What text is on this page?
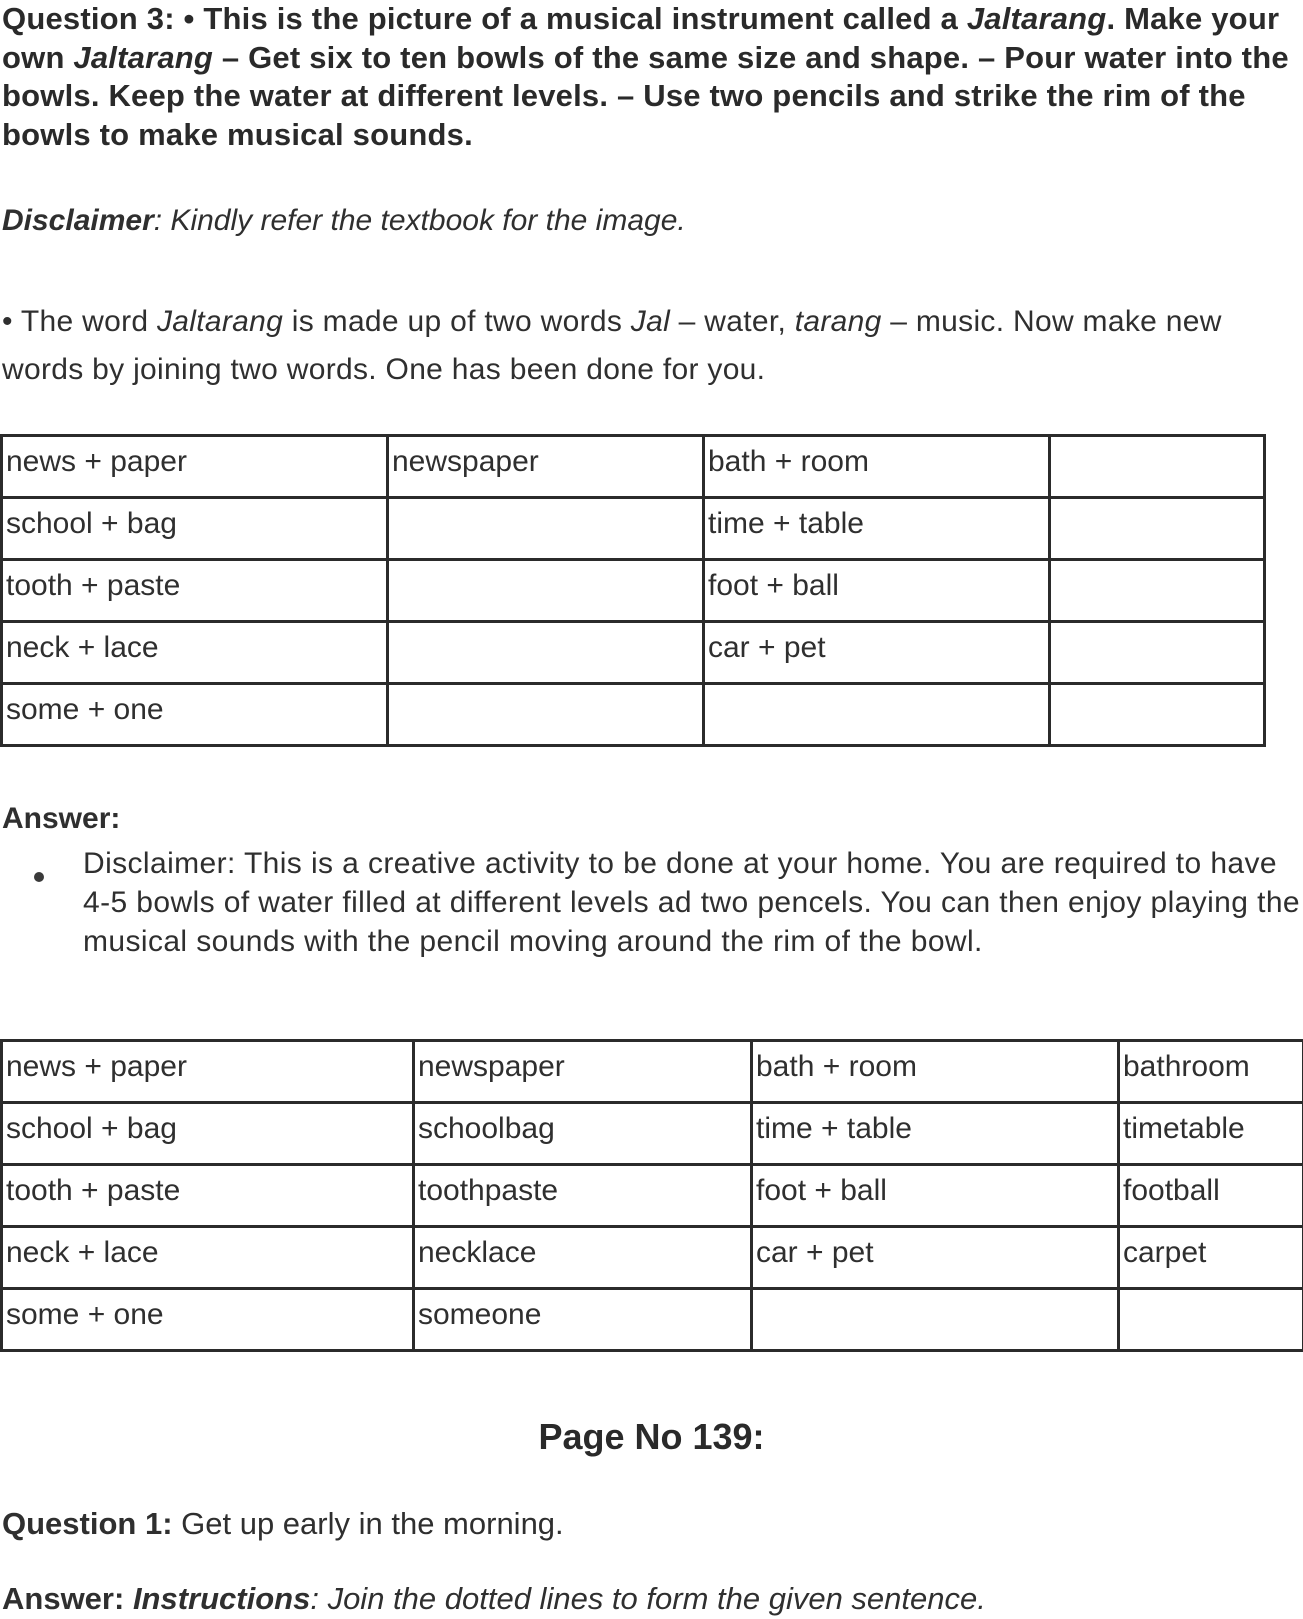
Question 3: • This is the picture of a musical instrument called a Jaltarang. Make your own Jaltarang – Get six to ten bowls of the same size and shape. – Pour water into the bowls. Keep the water at different levels. – Use two pencils and strike the rim of the bowls to make musical sounds.
Disclaimer: Kindly refer the textbook for the image.
• The word Jaltarang is made up of two words Jal – water, tarang – music. Now make new words by joining two words. One has been done for you.
news + paper	newspaper	bath + room	
school + bag		time + table	
tooth + paste		foot + ball	
neck + lace		car + pet	
some + one			
Answer:
Disclaimer: This is a creative activity to be done at your home. You are required to have 4-5 bowls of water filled at different levels ad two pencels. You can then enjoy playing the musical sounds with the pencil moving around the rim of the bowl.
news + paper	newspaper	bath + room	bathroom
school + bag	schoolbag	time + table	timetable
tooth + paste	toothpaste	foot + ball	football
neck + lace	necklace	car + pet	carpet
some + one	someone		
Page No 139:
Question 1: Get up early in the morning.
Answer: Instructions: Join the dotted lines to form the given sentence.
